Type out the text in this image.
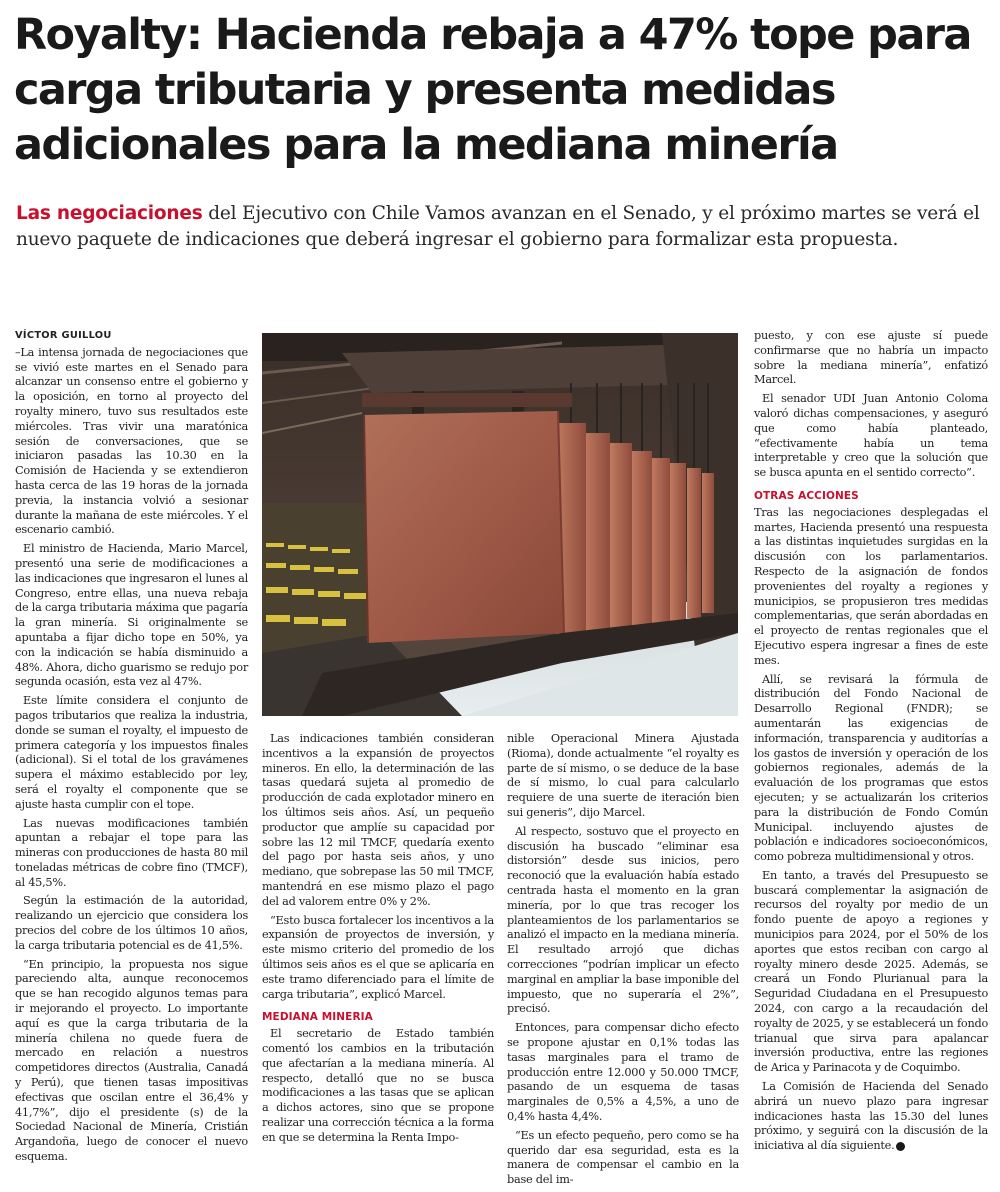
Royalty: Hacienda rebaja a 47% tope para carga tributaria y presenta medidas adicionales para la mediana minería

Las negociaciones del Ejecutivo con Chile Vamos avanzan en el Senado, y el próximo martes se verá el nuevo paquete de indicaciones que deberá ingresar el gobierno para formalizar esta propuesta.

VÍCTOR GUILLOU

–La intensa jornada de negociaciones que se vivió este martes en el Senado para alcanzar un consenso entre el gobierno y la oposición, en torno al proyecto del royalty minero, tuvo sus resultados este miércoles. Tras vivir una maratónica sesión de conversaciones, que se iniciaron pasadas las 10.30 en la Comisión de Hacienda y se extendieron hasta cerca de las 19 horas de la jornada previa, la instancia volvió a sesionar durante la mañana de este miércoles. Y el escenario cambió.

El ministro de Hacienda, Mario Marcel, presentó una serie de modificaciones a las indicaciones que ingresaron el lunes al Congreso, entre ellas, una nueva rebaja de la carga tributaria máxima que pagaría la gran minería. Si originalmente se apuntaba a fijar dicho tope en 50%, ya con la indicación se había disminuido a 48%. Ahora, dicho guarismo se redujo por segunda ocasión, esta vez al 47%.

Este límite considera el conjunto de pagos tributarios que realiza la industria, donde se suman el royalty, el impuesto de primera categoría y los impuestos finales (adicional). Si el total de los gravámenes supera el máximo establecido por ley, será el royalty el componente que se ajuste hasta cumplir con el tope.

Las nuevas modificaciones también apuntan a rebajar el tope para las mineras con producciones de hasta 80 mil toneladas métricas de cobre fino (TMCF), al 45,5%.

Según la estimación de la autoridad, realizando un ejercicio que considera los precios del cobre de los últimos 10 años, la carga tributaria potencial es de 41,5%.

“En principio, la propuesta nos sigue pareciendo alta, aunque reconocemos que se han recogido algunos temas para ir mejorando el proyecto. Lo importante aquí es que la carga tributaria de la minería chilena no quede fuera de mercado en relación a nuestros competidores directos (Australia, Canadá y Perú), que tienen tasas impositivas efectivas que oscilan entre el 36,4% y 41,7%”, dijo el presidente (s) de la Sociedad Nacional de Minería, Cristián Argandoña, luego de conocer el nuevo esquema.

Las indicaciones también consideran incentivos a la expansión de proyectos mineros. En ello, la determinación de las tasas quedará sujeta al promedio de producción de cada explotador minero en los últimos seis años. Así, un pequeño productor que amplíe su capacidad por sobre las 12 mil TMCF, quedaría exento del pago por hasta seis años, y uno mediano, que sobrepase las 50 mil TMCF, mantendrá en ese mismo plazo el pago del ad valorem entre 0% y 2%.

“Esto busca fortalecer los incentivos a la expansión de proyectos de inversión, y este mismo criterio del promedio de los últimos seis años es el que se aplicaría en este tramo diferenciado para el límite de carga tributaria”, explicó Marcel.

MEDIANA MINERIA

El secretario de Estado también comentó los cambios en la tributación que afectarían a la mediana minería. Al respecto, detalló que no se busca modificaciones a las tasas que se aplican a dichos actores, sino que se propone realizar una corrección técnica a la forma en que se determina la Renta Impo-

nible Operacional Minera Ajustada (Rioma), donde actualmente “el royalty es parte de sí mismo, o se deduce de la base de sí mismo, lo cual para calcularlo requiere de una suerte de iteración bien sui generis”, dijo Marcel.

Al respecto, sostuvo que el proyecto en discusión ha buscado “eliminar esa distorsión” desde sus inicios, pero reconoció que la evaluación había estado centrada hasta el momento en la gran minería, por lo que tras recoger los planteamientos de los parlamentarios se analizó el impacto en la mediana minería. El resultado arrojó que dichas correcciones “podrían implicar un efecto marginal en ampliar la base imponible del impuesto, que no superaría el 2%”, precisó.

Entonces, para compensar dicho efecto se propone ajustar en 0,1% todas las tasas marginales para el tramo de producción entre 12.000 y 50.000 TMCF, pasando de un esquema de tasas marginales de 0,5% a 4,5%, a uno de 0,4% hasta 4,4%.

“Es un efecto pequeño, pero como se ha querido dar esa seguridad, esta es la manera de compensar el cambio en la base del im-

puesto, y con ese ajuste sí puede confirmarse que no habría un impacto sobre la mediana minería”, enfatizó Marcel.

El senador UDI Juan Antonio Coloma valoró dichas compensaciones, y aseguró que como había planteado, “efectivamente había un tema interpretable y creo que la solución que se busca apunta en el sentido correcto”.

OTRAS ACCIONES

Tras las negociaciones desplegadas el martes, Hacienda presentó una respuesta a las distintas inquietudes surgidas en la discusión con los parlamentarios. Respecto de la asignación de fondos provenientes del royalty a regiones y municipios, se propusieron tres medidas complementarias, que serán abordadas en el proyecto de rentas regionales que el Ejecutivo espera ingresar a fines de este mes.

Allí, se revisará la fórmula de distribución del Fondo Nacional de Desarrollo Regional (FNDR); se aumentarán las exigencias de información, transparencia y auditorías a los gastos de inversión y operación de los gobiernos regionales, además de la evaluación de los programas que estos ejecuten; y se actualizarán los criterios para la distribución de Fondo Común Municipal. incluyendo ajustes de población e indicadores socioeconómicos, como pobreza multidimensional y otros.

En tanto, a través del Presupuesto se buscará complementar la asignación de recursos del royalty por medio de un fondo puente de apoyo a regiones y municipios para 2024, por el 50% de los aportes que estos reciban con cargo al royalty minero desde 2025. Además, se creará un Fondo Plurianual para la Seguridad Ciudadana en el Presupuesto 2024, con cargo a la recaudación del royalty de 2025, y se establecerá un fondo trianual que sirva para apalancar inversión productiva, entre las regiones de Arica y Parinacota y de Coquimbo.

La Comisión de Hacienda del Senado abrirá un nuevo plazo para ingresar indicaciones hasta las 15.30 del lunes próximo, y seguirá con la discusión de la iniciativa al día siguiente.
